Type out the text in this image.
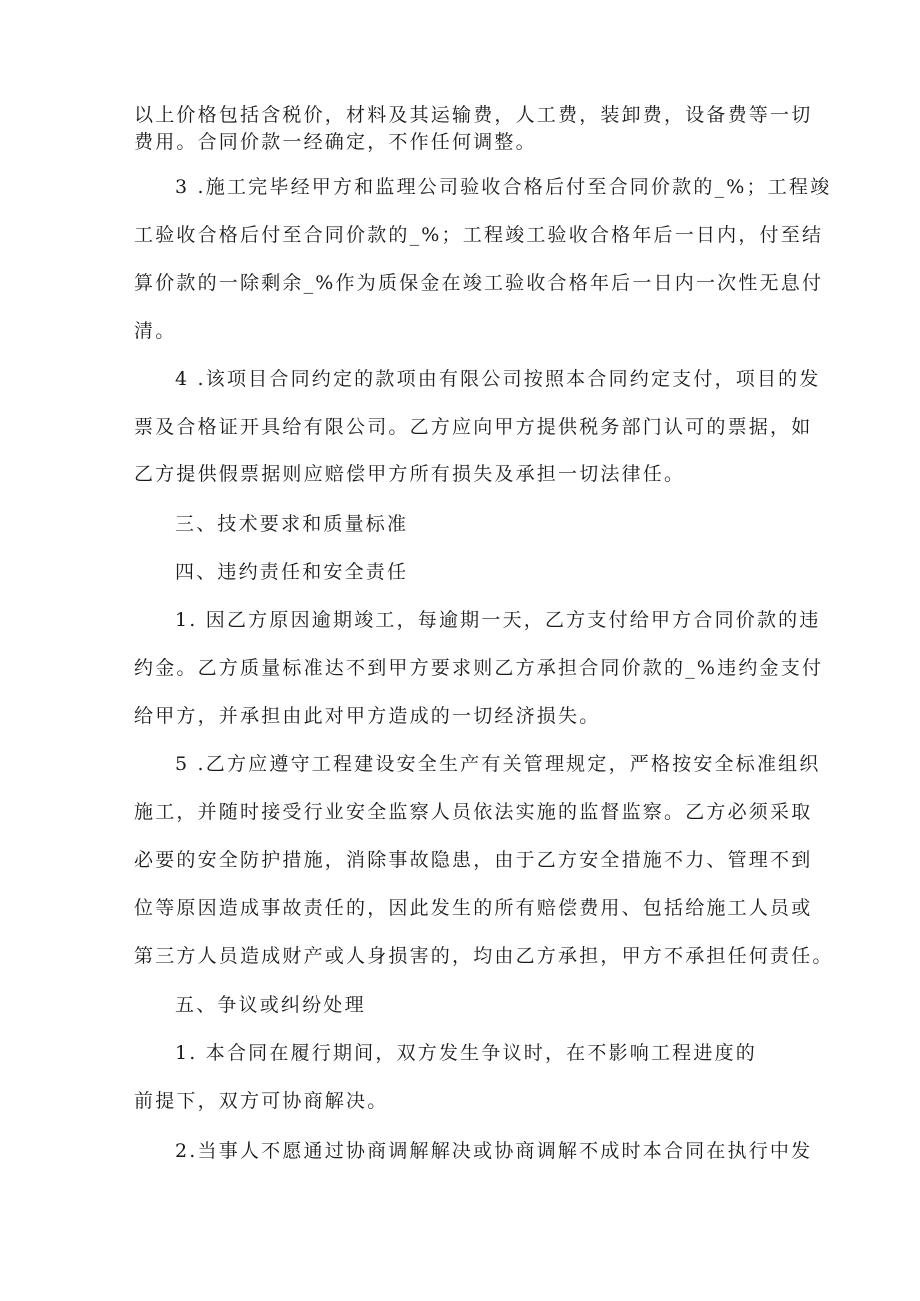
以上价格包括含税价，材料及其运输费，人工费，装卸费，设备费等一切
费用。合同价款一经确定，不作任何调整。
3 .施工完毕经甲方和监理公司验收合格后付至合同价款的_%；工程竣
工验收合格后付至合同价款的_%；工程竣工验收合格年后一日内，付至结
算价款的一除剩余_%作为质保金在竣工验收合格年后一日内一次性无息付
清。
4 .该项目合同约定的款项由有限公司按照本合同约定支付，项目的发
票及合格证开具给有限公司。乙方应向甲方提供税务部门认可的票据，如
乙方提供假票据则应赔偿甲方所有损失及承担一切法律任。
三、技术要求和质量标准
四、违约责任和安全责任
1. 因乙方原因逾期竣工，每逾期一天，乙方支付给甲方合同价款的违
约金。乙方质量标准达不到甲方要求则乙方承担合同价款的_%违约金支付
给甲方，并承担由此对甲方造成的一切经济损失。
5 .乙方应遵守工程建设安全生产有关管理规定，严格按安全标准组织
施工，并随时接受行业安全监察人员依法实施的监督监察。乙方必须采取
必要的安全防护措施，消除事故隐患，由于乙方安全措施不力、管理不到
位等原因造成事故责任的，因此发生的所有赔偿费用、包括给施工人员或
第三方人员造成财产或人身损害的，均由乙方承担，甲方不承担任何责任。
五、争议或纠纷处理
1. 本合同在履行期间，双方发生争议时，在不影响工程进度的
前提下，双方可协商解决。
2.当事人不愿通过协商调解解决或协商调解不成时本合同在执行中发
